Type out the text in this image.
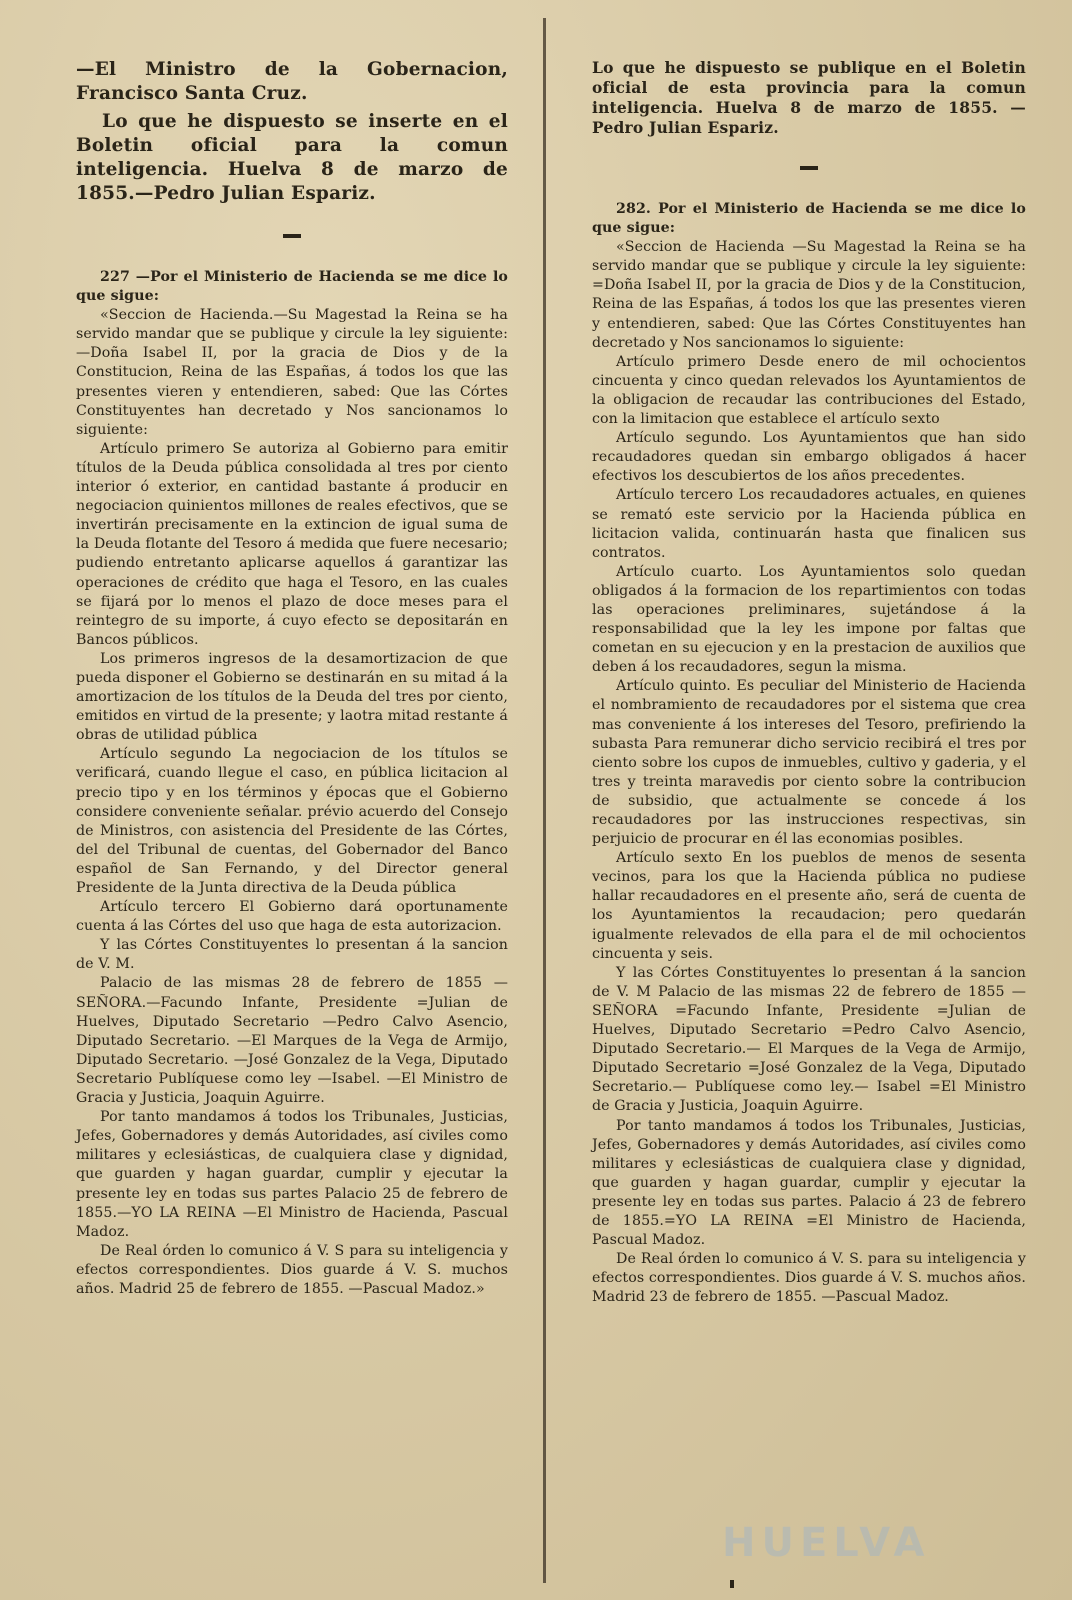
—El Ministro de la Gobernacion, Francisco Santa Cruz.
Lo que he dispuesto se inserte en el Boletin oficial para la comun inteligencia. Huelva 8 de marzo de 1855.—Pedro Julian Espariz.

227 —Por el Ministerio de Hacienda se me dice lo que sigue:

«Seccion de Hacienda.—Su Magestad la Reina se ha servido mandar que se publique y circule la ley siguiente: —Doña Isabel II, por la gracia de Dios y de la Constitucion, Reina de las Españas, á todos los que las presentes vieren y entendieren, sabed: Que las Córtes Constituyentes han decretado y Nos sancionamos lo siguiente:

Artículo primero Se autoriza al Gobierno para emitir títulos de la Deuda pública consolidada al tres por ciento interior ó exterior, en cantidad bastante á producir en negociacion quinientos millones de reales efectivos, que se invertirán precisamente en la extincion de igual suma de la Deuda flotante del Tesoro á medida que fuere necesario; pudiendo entretanto aplicarse aquellos á garantizar las operaciones de crédito que haga el Tesoro, en las cuales se fijará por lo menos el plazo de doce meses para el reintegro de su importe, á cuyo efecto se depositarán en Bancos públicos.

Los primeros ingresos de la desamortizacion de que pueda disponer el Gobierno se destinarán en su mitad á la amortizacion de los títulos de la Deuda del tres por ciento, emitidos en virtud de la presente; y laotra mitad restante á obras de utilidad pública

Artículo segundo La negociacion de los títulos se verificará, cuando llegue el caso, en pública licitacion al precio tipo y en los términos y épocas que el Gobierno considere conveniente señalar. prévio acuerdo del Consejo de Ministros, con asistencia del Presidente de las Córtes, del del Tribunal de cuentas, del Gobernador del Banco español de San Fernando, y del Director general Presidente de la Junta directiva de la Deuda pública

Artículo tercero El Gobierno dará oportunamente cuenta á las Córtes del uso que haga de esta autorizacion.

Y las Córtes Constituyentes lo presentan á la sancion de V. M.

Palacio de las mismas 28 de febrero de 1855 —SEÑORA.—Facundo Infante, Presidente =Julian de Huelves, Diputado Secretario —Pedro Calvo Asencio, Diputado Secretario. —El Marques de la Vega de Armijo, Diputado Secretario. —José Gonzalez de la Vega, Diputado Secretario Publíquese como ley —Isabel. —El Ministro de Gracia y Justicia, Joaquin Aguirre.

Por tanto mandamos á todos los Tribunales, Justicias, Jefes, Gobernadores y demás Autoridades, así civiles como militares y eclesiásticas, de cualquiera clase y dignidad, que guarden y hagan guardar, cumplir y ejecutar la presente ley en todas sus partes Palacio 25 de febrero de 1855.—YO LA REINA —El Ministro de Hacienda, Pascual Madoz.

De Real órden lo comunico á V. S para su inteligencia y efectos correspondientes. Dios guarde á V. S. muchos años. Madrid 25 de febrero de 1855. —Pascual Madoz.»

Lo que he dispuesto se publique en el Boletin oficial de esta provincia para la comun inteligencia. Huelva 8 de marzo de 1855. —Pedro Julian Espariz.

282. Por el Ministerio de Hacienda se me dice lo que sigue:

«Seccion de Hacienda —Su Magestad la Reina se ha servido mandar que se publique y circule la ley siguiente: =Doña Isabel II, por la gracia de Dios y de la Constitucion, Reina de las Españas, á todos los que las presentes vieren y entendieren, sabed: Que las Córtes Constituyentes han decretado y Nos sancionamos lo siguiente:

Artículo primero Desde enero de mil ochocientos cincuenta y cinco quedan relevados los Ayuntamientos de la obligacion de recaudar las contribuciones del Estado, con la limitacion que establece el artículo sexto

Artículo segundo. Los Ayuntamientos que han sido recaudadores quedan sin embargo obligados á hacer efectivos los descubiertos de los años precedentes.

Artículo tercero Los recaudadores actuales, en quienes se remató este servicio por la Hacienda pública en licitacion valida, continuarán hasta que finalicen sus contratos.

Artículo cuarto. Los Ayuntamientos solo quedan obligados á la formacion de los repartimientos con todas las operaciones preliminares, sujetándose á la responsabilidad que la ley les impone por faltas que cometan en su ejecucion y en la prestacion de auxilios que deben á los recaudadores, segun la misma.

Artículo quinto. Es peculiar del Ministerio de Hacienda el nombramiento de recaudadores por el sistema que crea mas conveniente á los intereses del Tesoro, prefiriendo la subasta Para remunerar dicho servicio recibirá el tres por ciento sobre los cupos de inmuebles, cultivo y gaderia, y el tres y treinta maravedis por ciento sobre la contribucion de subsidio, que actualmente se concede á los recaudadores por las instrucciones respectivas, sin perjuicio de procurar en él las economias posibles.

Artículo sexto En los pueblos de menos de sesenta vecinos, para los que la Hacienda pública no pudiese hallar recaudadores en el presente año, será de cuenta de los Ayuntamientos la recaudacion; pero quedarán igualmente relevados de ella para el de mil ochocientos cincuenta y seis.

Y las Córtes Constituyentes lo presentan á la sancion de V. M Palacio de las mismas 22 de febrero de 1855 —SEÑORA =Facundo Infante, Presidente =Julian de Huelves, Diputado Secretario =Pedro Calvo Asencio, Diputado Secretario.— El Marques de la Vega de Armijo, Diputado Secretario =José Gonzalez de la Vega, Diputado Secretario.— Publíquese como ley.— Isabel =El Ministro de Gracia y Justicia, Joaquin Aguirre.

Por tanto mandamos á todos los Tribunales, Justicias, Jefes, Gobernadores y demás Autoridades, así civiles como militares y eclesiásticas de cualquiera clase y dignidad, que guarden y hagan guardar, cumplir y ejecutar la presente ley en todas sus partes. Palacio á 23 de febrero de 1855.=YO LA REINA =El Ministro de Hacienda, Pascual Madoz.

De Real órden lo comunico á V. S. para su inteligencia y efectos correspondientes. Dios guarde á V. S. muchos años. Madrid 23 de febrero de 1855. —Pascual Madoz.

HUELVA
